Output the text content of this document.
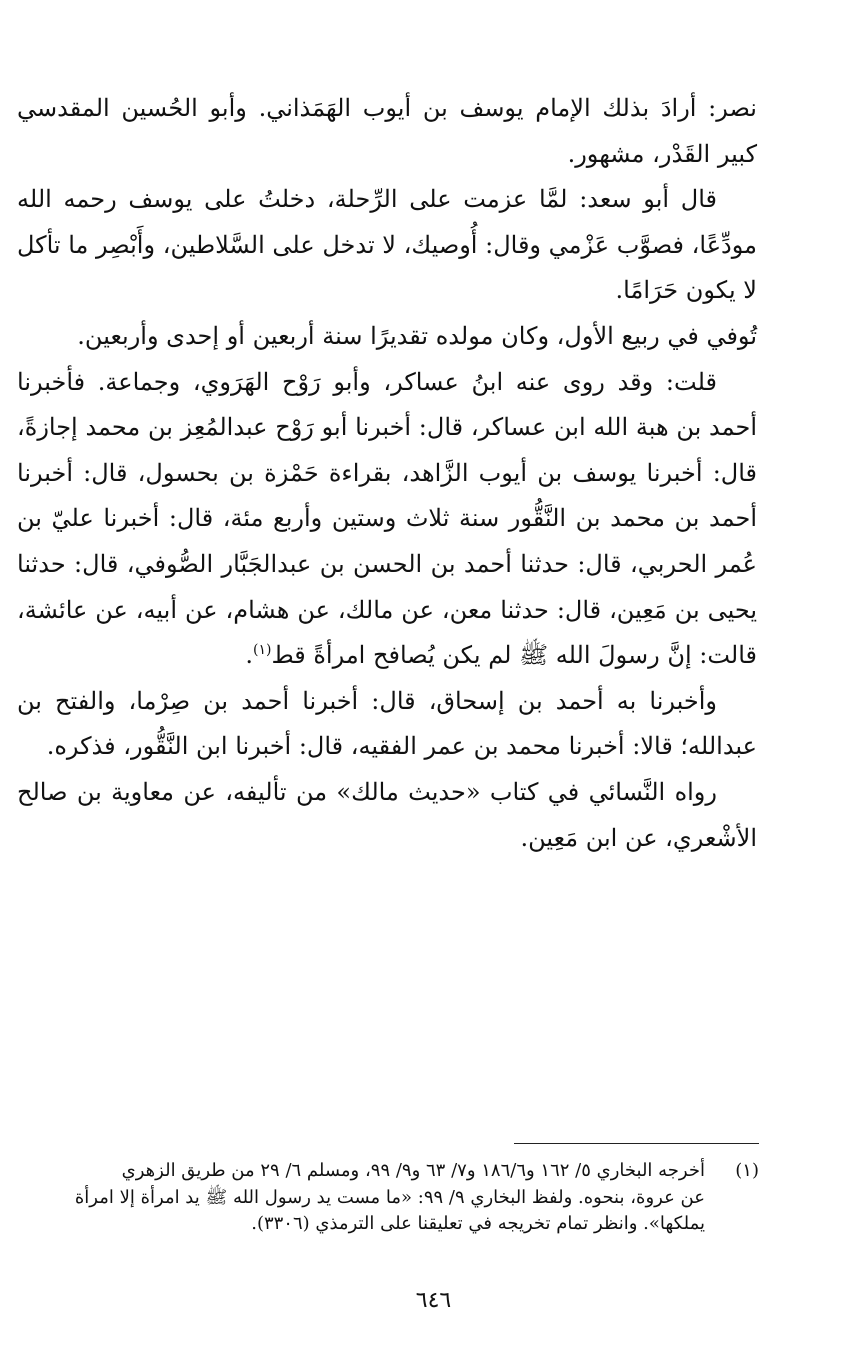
نصر: أرادَ بذلك الإمام يوسف بن أيوب الهَمَذاني. وأبو الحُسين المقدسي كبير القَدْر، مشهور.

قال أبو سعد: لمَّا عزمت على الرِّحلة، دخلتُ على يوسف رحمه الله مودِّعًا، فصوَّب عَزْمي وقال: أُوصيك، لا تدخل على السَّلاطين، وأَبْصِر ما تأكل لا يكون حَرَامًا.

تُوفي في ربيع الأول، وكان مولده تقديرًا سنة أربعين أو إحدى وأربعين.

قلت: وقد روى عنه ابنُ عساكر، وأبو رَوْح الهَرَوي، وجماعة. فأخبرنا أحمد بن هبة الله ابن عساكر، قال: أخبرنا أبو رَوْح عبدالمُعِز بن محمد إجازةً، قال: أخبرنا يوسف بن أيوب الزَّاهد، بقراءة حَمْزة بن بحسول، قال: أخبرنا أحمد بن محمد بن النَّقُّور سنة ثلاث وستين وأربع مئة، قال: أخبرنا عليّ بن عُمر الحربي، قال: حدثنا أحمد بن الحسن بن عبدالجَبَّار الصُّوفي، قال: حدثنا يحيى بن مَعِين، قال: حدثنا معن، عن مالك، عن هشام، عن أبيه، عن عائشة، قالت: إنَّ رسولَ الله ﷺ لم يكن يُصافح امرأةً قط$^{(١)}$.

وأخبرنا به أحمد بن إسحاق، قال: أخبرنا أحمد بن صِرْما، والفتح بن عبدالله؛ قالا: أخبرنا محمد بن عمر الفقيه، قال: أخبرنا ابن النَّقُّور، فذكره.

رواه النَّسائي في كتاب «حديث مالك» من تأليفه، عن معاوية بن صالح الأشْعري، عن ابن مَعِين.

(١)أخرجه البخاري ٥/ ١٦٢ و١٨٦/٦ و٧/ ٦٣ و٩/ ٩٩، ومسلم ٦/ ٢٩ من طريق الزهري
عن عروة، بنحوه. ولفظ البخاري ٩/ ٩٩: «ما مست يد رسول الله ﷺ يد امرأة إلا امرأة
يملكها». وانظر تمام تخريجه في تعليقنا على الترمذي (٣٣٠٦).
٦٤٦
